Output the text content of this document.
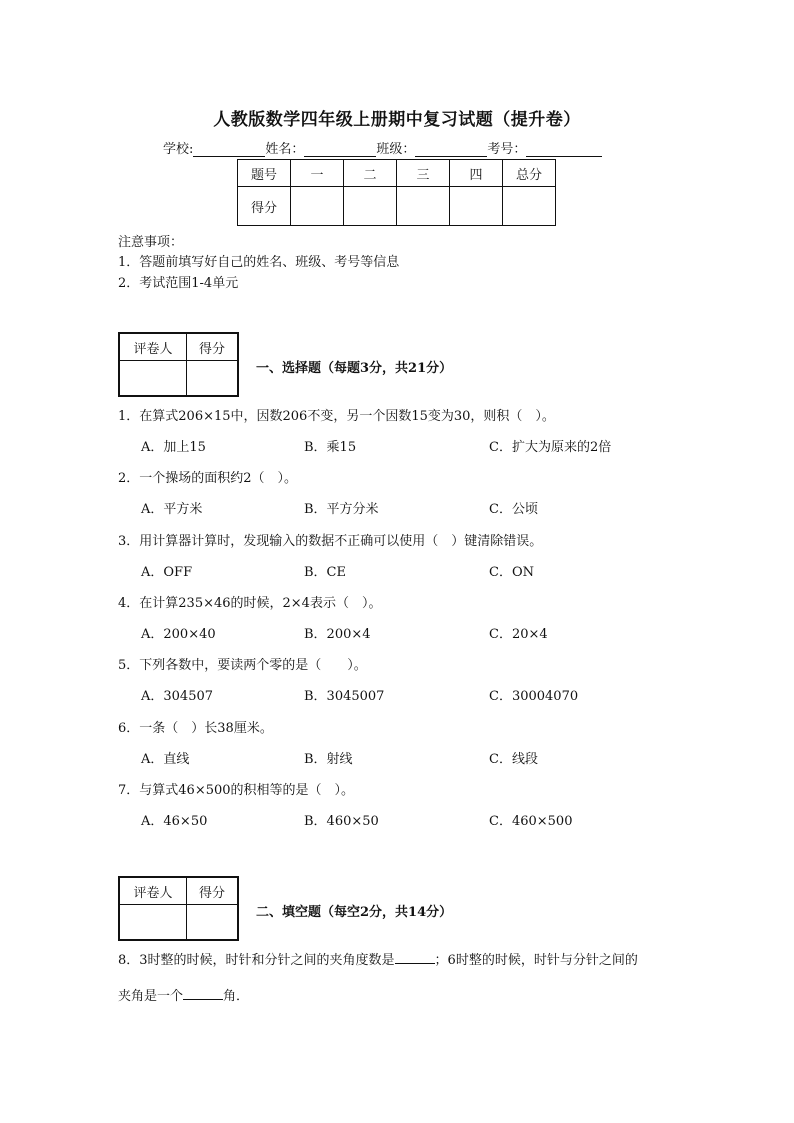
人教版数学四年级上册期中复习试题（提升卷）
学校:	姓名：	班级：	考号：
题号	一	二	三	四	总分
得分					
注意事项：
1．答题前填写好自己的姓名、班级、考号等信息
2．考试范围1-4单元
评卷人	得分

一、选择题（每题3分，共21分）
1．在算式206×15中，因数206不变，另一个因数15变为30，则积（　）。
A．加上15	B．乘15	C．扩大为原来的2倍
2．一个操场的面积约2（　）。
A．平方米	B．平方分米	C．公顷
3．用计算器计算时，发现输入的数据不正确可以使用（　）键清除错误。
A．OFF	B．CE	C．ON
4．在计算235×46的时候，2×4表示（　）。
A．200×40	B．200×4	C．20×4
5．下列各数中，要读两个零的是（　　）。
A．304507	B．3045007	C．30004070
6．一条（　）长38厘米。
A．直线	B．射线	C．线段
7．与算式46×500的积相等的是（　）。
A．46×50	B．460×50	C．460×500
评卷人	得分

二、填空题（每空2分，共14分）
8．3时整的时候，时针和分针之间的夹角度数是	；6时整的时候，时针与分针之间的
夹角是一个	角．
